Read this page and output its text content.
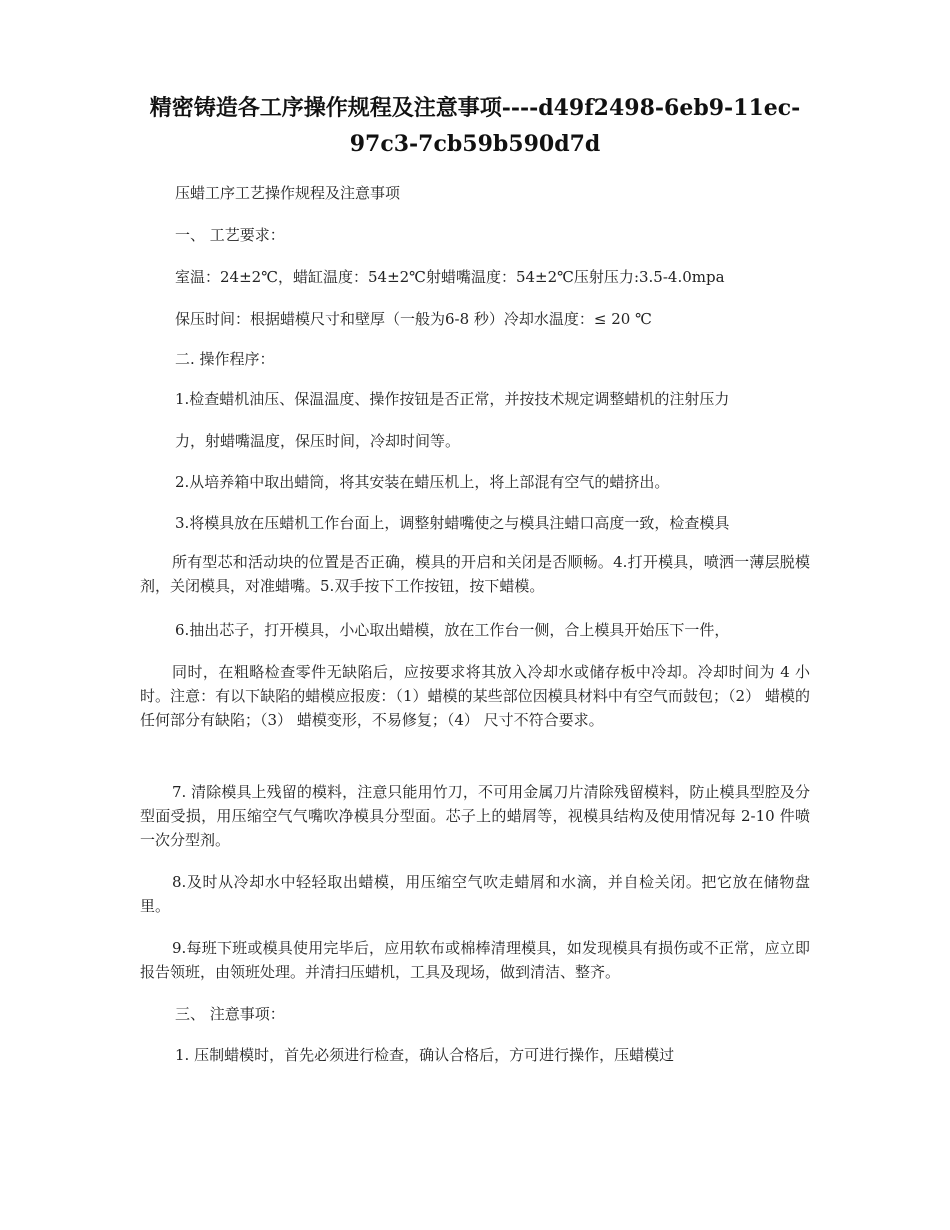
精密铸造各工序操作规程及注意事项----d49f2498-6eb9-11ec-
97c3-7cb59b590d7d
压蜡工序工艺操作规程及注意事项
一、 工艺要求：
室温：24±2℃，蜡缸温度：54±2℃射蜡嘴温度：54±2℃压射压力:3.5-4.0mpa
保压时间：根据蜡模尺寸和壁厚（一般为6-8 秒）冷却水温度：≤ 20 ℃
二. 操作程序：
1.检查蜡机油压、保温温度、操作按钮是否正常，并按技术规定调整蜡机的注射压力
力，射蜡嘴温度，保压时间，冷却时间等。
2.从培养箱中取出蜡筒，将其安装在蜡压机上，将上部混有空气的蜡挤出。
3.将模具放在压蜡机工作台面上，调整射蜡嘴使之与模具注蜡口高度一致，检查模具
所有型芯和活动块的位置是否正确，模具的开启和关闭是否顺畅。4.打开模具，喷洒一薄层脱模剂，关闭模具，对准蜡嘴。5.双手按下工作按钮，按下蜡模。
6.抽出芯子，打开模具，小心取出蜡模，放在工作台一侧，合上模具开始压下一件，
同时，在粗略检查零件无缺陷后，应按要求将其放入冷却水或储存板中冷却。冷却时间为 4 小时。注意：有以下缺陷的蜡模应报废：（1）蜡模的某些部位因模具材料中有空气而鼓包；（2） 蜡模的任何部分有缺陷；（3） 蜡模变形，不易修复；（4） 尺寸不符合要求。
7. 清除模具上残留的模料，注意只能用竹刀，不可用金属刀片清除残留模料，防止模具型腔及分型面受损，用压缩空气气嘴吹净模具分型面。芯子上的蜡屑等，视模具结构及使用情况每 2-10 件喷一次分型剂。
8.及时从冷却水中轻轻取出蜡模，用压缩空气吹走蜡屑和水滴，并自检关闭。把它放在储物盘里。
9.每班下班或模具使用完毕后，应用软布或棉棒清理模具，如发现模具有损伤或不正常，应立即报告领班，由领班处理。并清扫压蜡机，工具及现场，做到清洁、整齐。
三、 注意事项：
1. 压制蜡模时，首先必须进行检查，确认合格后，方可进行操作，压蜡模过
